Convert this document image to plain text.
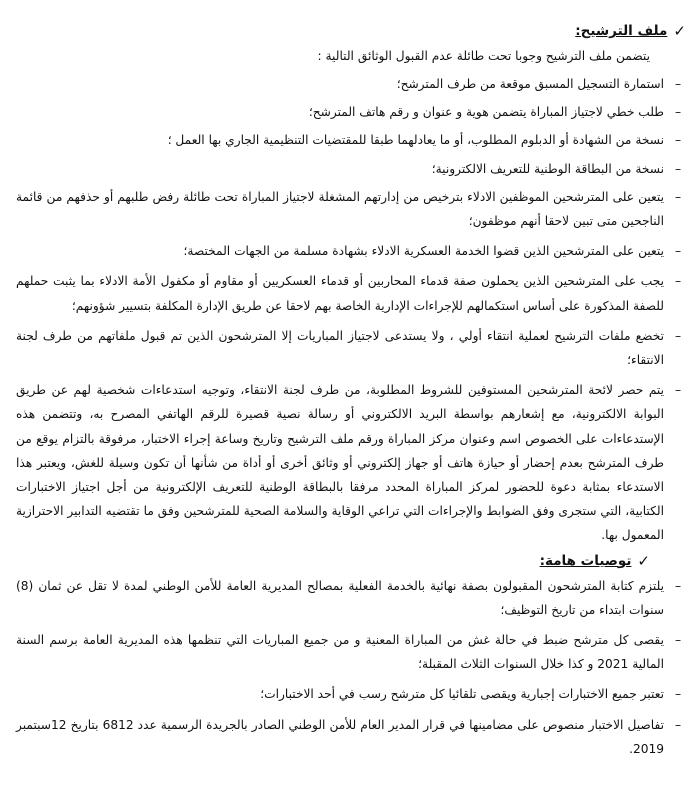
✓
ملف الترشيح:

يتضمن ملف الترشيح وجوبا تحت طائلة عدم القبول الوثائق التالية :

–
استمارة التسجيل المسبق موقعة من طرف المترشح؛
–
طلب خطي لاجتياز المباراة يتضمن هوية و عنوان و رقم هاتف المترشح؛
–
نسخة من الشهادة أو الدبلوم المطلوب، أو ما يعادلهما طبقا للمقتضيات التنظيمية الجاري بها العمل ؛
–
نسخة من البطاقة الوطنية للتعريف الالكترونية؛
–
يتعين على المترشحين الموظفين الادلاء بترخيص من إدارتهم المشغلة لاجتياز المباراة تحت طائلة رفض طلبهم أو حذفهم من قائمة الناجحين متى تبين لاحقا أنهم موظفون؛
–
يتعين على المترشحين الذين قضوا الخدمة العسكرية الادلاء بشهادة مسلمة من الجهات المختصة؛
–
يجب على المترشحين الذين يحملون صفة قدماء المحاربين أو قدماء العسكريين أو مقاوم أو مكفول الأمة الادلاء بما يثبت حملهم للصفة المذكورة على أساس استكمالهم للإجراءات الإدارية الخاصة بهم لاحقا عن طريق الإدارة المكلفة بتسيير شؤونهم؛
–
تخضع ملفات الترشيح لعملية انتقاء أولي ، ولا يستدعى لاجتياز المباريات إلا المترشحون الذين تم قبول ملفاتهم من طرف لجنة الانتقاء؛
–
يتم حصر لائحة المترشحين المستوفين للشروط المطلوبة، من طرف لجنة الانتقاء، وتوجيه استدعاءات شخصية لهم عن طريق البوابة الالكترونية، مع إشعارهم بواسطة البريد الالكتروني أو رسالة نصية قصيرة للرقم الهاتفي المصرح به، وتتضمن هذه الإستدعاءات على الخصوص اسم وعنوان مركز المباراة ورقم ملف الترشيح وتاريخ وساعة إجراء الاختبار، مرفوقة بالتزام يوقع من طرف المترشح بعدم إحضار أو حيازة هاتف أو جهاز إلكتروني أو وثائق أخرى أو أداة من شأنها أن تكون وسيلة للغش، ويعتبر هذا الاستدعاء بمثابة دعوة للحضور لمركز المباراة المحدد مرفقا بالبطاقة الوطنية للتعريف الإلكترونية من أجل اجتياز الاختبارات الكتابية، التي ستجرى وفق الضوابط والإجراءات التي تراعي الوقاية والسلامة الصحية للمترشحين وفق ما تقتضيه التدابير الاحترازية المعمول بها.
✓
توصيات هامة:
–
يلتزم كتابة المترشحون المقبولون بصفة نهائية بالخدمة الفعلية بمصالح المديرية العامة للأمن الوطني لمدة لا تقل عن ثمان (8) سنوات ابتداء من تاريخ التوظيف؛
–
يقصى كل مترشح ضبط في حالة غش من المباراة المعنية و من جميع المباريات التي تنظمها هذه المديرية العامة برسم السنة المالية 2021 و كذا خلال السنوات الثلاث المقبلة؛
–
تعتبر جميع الاختبارات إجبارية ويقصى تلقائيا كل مترشح رسب في أحد الاختبارات؛
–
تفاصيل الاختبار منصوص على مضامينها في قرار المدير العام للأمن الوطني الصادر بالجريدة الرسمية عدد 6812 بتاريخ 12سبتمبر 2019.
